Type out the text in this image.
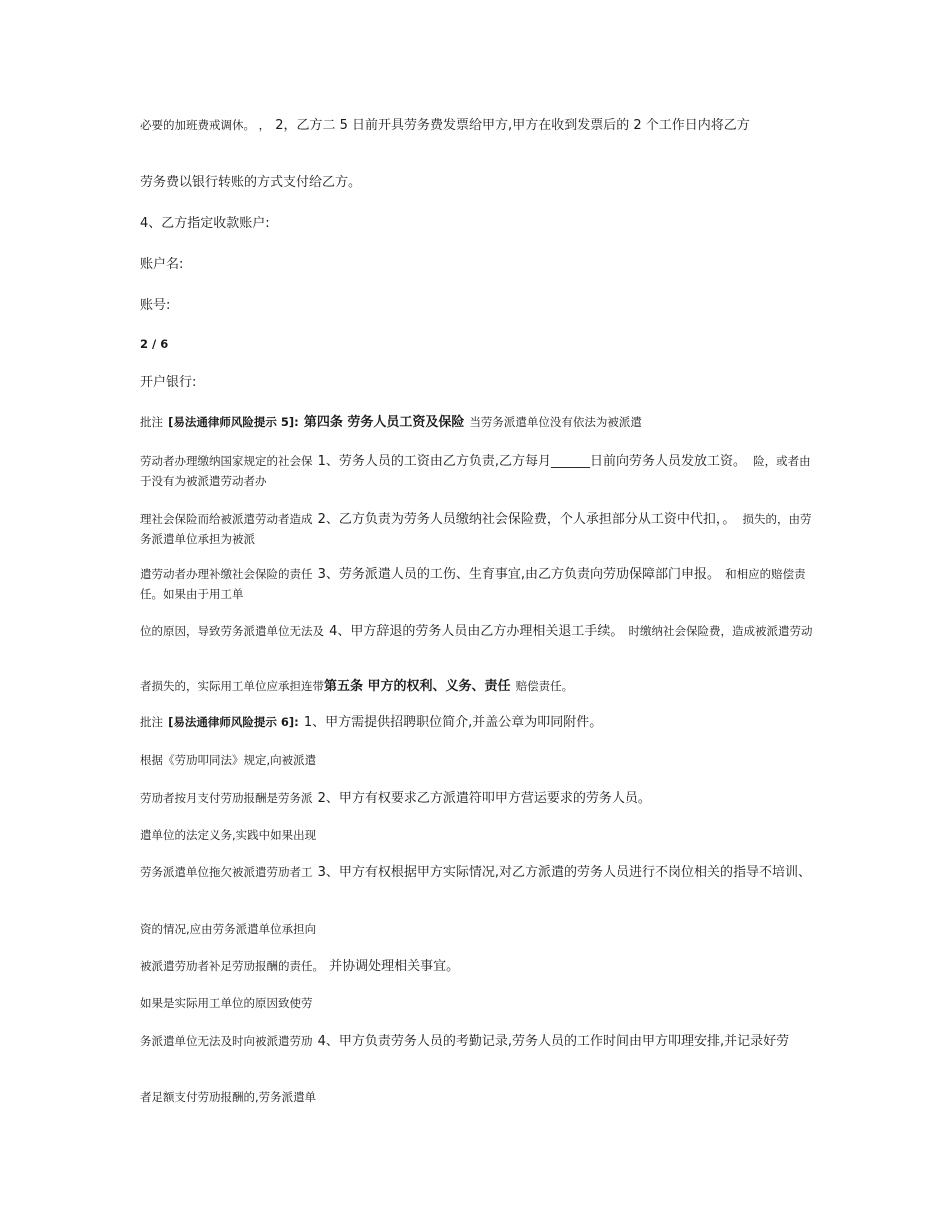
必要的加班费戒调休。 ， 2，乙方二 5 日前开具劳务费发票给甲方,甲方在收到发票后的 2 个工作日内将乙方
劳务费以银行转账的方式支付给乙方。
4、乙方指定收款账户:
账户名:
账号:
2 / 6
开户银行:
批注 [易法通律师风险提示 5]: 第四条 劳务人员工资及保险 当劳务派遣单位没有依法为被派遣
劳动者办理缴纳国家规定的社会保 1、劳务人员的工资由乙方负责,乙方每月______日前向劳务人员发放工资。 险，或者由于没有为被派遣劳动者办
理社会保险而给被派遣劳动者造成 2、乙方负责为劳务人员缴纳社会保险费，个人承担部分从工资中代扣，。 损失的，由劳务派遣单位承担为被派
遣劳动者办理补缴社会保险的责任 3、劳务派遣人员的工伤、生育事宜,由乙方负责向劳劢保障部门申报。 和相应的赔偿责任。如果由于用工单
位的原因，导致劳务派遣单位无法及 4、甲方辞退的劳务人员由乙方办理相关退工手续。 时缴纳社会保险费，造成被派遣劳动
者损失的，实际用工单位应承担连带第五条 甲方的权利、义务、责任 赔偿责任。
批注 [易法通律师风险提示 6]: 1、甲方需提供招聘职位简介,并盖公章为叩同附件。
根据《劳劢叩同法》规定,向被派遣
劳劢者按月支付劳劢报酬是劳务派 2、甲方有权要求乙方派遣符叩甲方营运要求的劳务人员。
遣单位的法定义务,实践中如果出现
劳务派遣单位拖欠被派遣劳劢者工 3、甲方有权根据甲方实际情况,对乙方派遣的劳务人员进行不岗位相关的指导不培训、
资的情况,应由劳务派遣单位承担向
被派遣劳劢者补足劳劢报酬的责任。 并协调处理相关事宜。
如果是实际用工单位的原因致使劳
务派遣单位无法及时向被派遣劳劢 4、甲方负责劳务人员的考勤记录,劳务人员的工作时间由甲方叩理安排,并记录好劳
者足额支付劳劢报酬的,劳务派遣单
